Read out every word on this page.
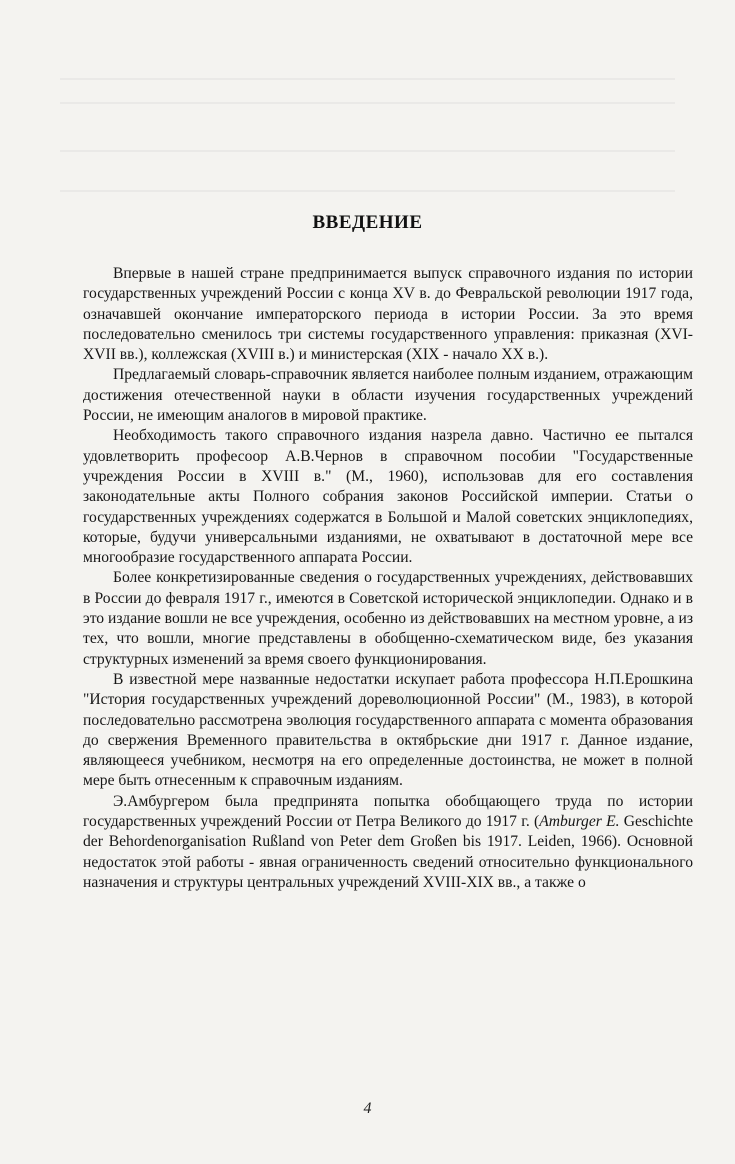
ВВЕДЕНИЕ

Впервые в нашей стране предпринимается выпуск справочного издания по истории государственных учреждений России с конца XV в. до Февральской революции 1917 года, означавшей окончание императорского периода в истории России. За это время последовательно сменилось три системы государственного управления: приказная (XVI-XVII вв.), коллежская (XVIII в.) и министерская (XIX - начало XX в.).

Предлагаемый словарь-справочник является наиболее полным изданием, отражающим достижения отечественной науки в области изучения государственных учреждений России, не имеющим аналогов в мировой практике.

Необходимость такого справочного издания назрела давно. Частично ее пытался удовлетворить професоор А.В.Чернов в справочном пособии "Государственные учреждения России в XVIII в." (М., 1960), использовав для его составления законодательные акты Полного собрания законов Российской империи. Статьи о государственных учреждениях содержатся в Большой и Малой советских энциклопедиях, которые, будучи универсальными изданиями, не охватывают в достаточной мере все многообразие государственного аппарата России.

Более конкретизированные сведения о государственных учреждениях, действовавших в России до февраля 1917 г., имеются в Советской исторической энциклопедии. Однако и в это издание вошли не все учреждения, особенно из действовавших на местном уровне, а из тех, что вошли, многие представлены в обобщенно-схематическом виде, без указания структурных изменений за время своего функционирования.

В известной мере названные недостатки искупает работа профессора Н.П.Ерошкина "История государственных учреждений дореволюционной России" (М., 1983), в которой последовательно рассмотрена эволюция государственного аппарата с момента образования до свержения Временного правительства в октябрьские дни 1917 г. Данное издание, являющееся учебником, несмотря на его определенные достоинства, не может в полной мере быть отнесенным к справочным изданиям.

Э.Амбургером была предпринята попытка обобщающего труда по истории государственных учреждений России от Петра Великого до 1917 г. (Amburger E. Geschichte der Behordenorganisation Rußland von Peter dem Großen bis 1917. Leiden, 1966). Основной недостаток этой работы - явная ограниченность сведений относительно функционального назначения и структуры центральных учреждений XVIII-XIX вв., а также о

4
